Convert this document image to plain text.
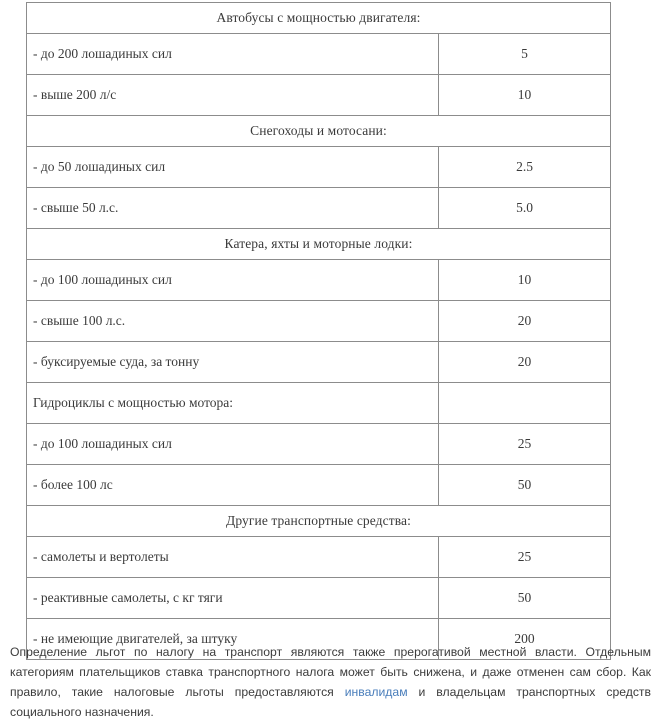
Автобусы с мощностью двигателя:	
- до 200 лошадиных сил	5
- выше 200 л/с	10
Снегоходы и мотосани:	
- до 50 лошадиных сил	2.5
- свыше 50 л.с.	5.0
Катера, яхты и моторные лодки:	
- до 100 лошадиных сил	10
- свыше 100 л.с.	20
- буксируемые суда, за тонну	20
Гидроциклы с мощностью мотора:	
- до 100 лошадиных сил	25
- более 100 лс	50
Другие транспортные средства:	
- самолеты и вертолеты	25
- реактивные самолеты, с кг тяги	50
- не имеющие двигателей, за штуку	200

Определение льгот по налогу на транспорт являются также прерогативой местной власти. Отдельным категориям плательщиков ставка транспортного налога может быть снижена, и даже отменен сам сбор. Как правило, такие налоговые льготы предоставляются инвалидам и владельцам транспортных средств социального назначения.
